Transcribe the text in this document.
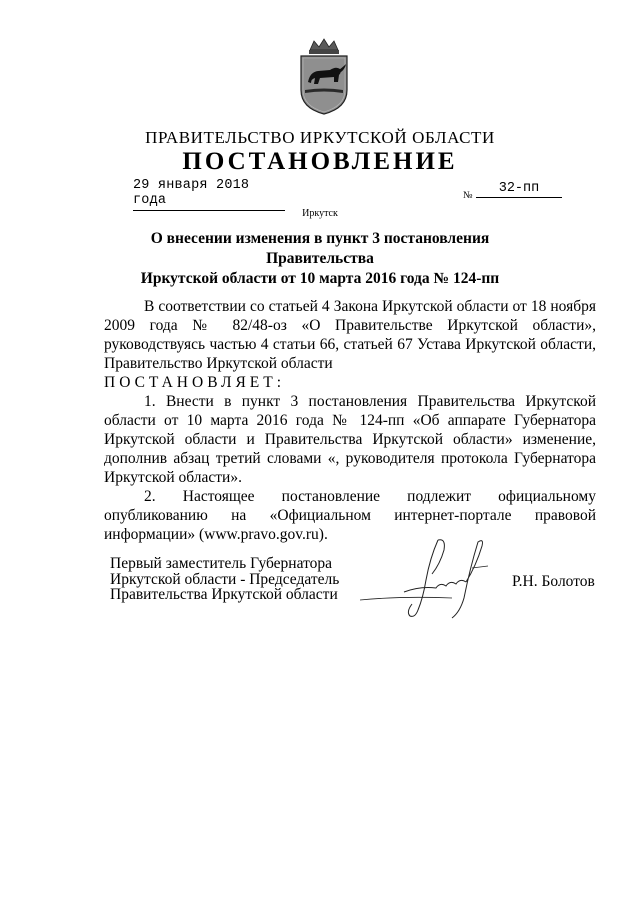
ПРАВИТЕЛЬСТВО ИРКУТСКОЙ ОБЛАСТИ
ПОСТАНОВЛЕНИЕ
29 января 2018 года	№	32-пп
Иркутск
О внесении изменения в пункт 3 постановления Правительства
Иркутской области от 10 марта 2016 года № 124-пп

В соответствии со статьей 4 Закона Иркутской области от 18 ноября 2009 года № 82/48-оз «О Правительстве Иркутской области», руководствуясь частью 4 статьи 66, статьей 67 Устава Иркутской области, Правительство Иркутской области

ПОСТАНОВЛЯЕТ:

1. Внести в пункт 3 постановления Правительства Иркутской области от 10 марта 2016 года № 124-пп «Об аппарате Губернатора Иркутской области и Правительства Иркутской области» изменение, дополнив абзац третий словами «, руководителя протокола Губернатора Иркутской области».

2. Настоящее постановление подлежит официальному опубликованию на «Официальном интернет-портале правовой информации» (www.pravo.gov.ru).

Первый заместитель Губернатора
Иркутской области - Председатель
Правительства Иркутской области
Р.Н. Болотов
